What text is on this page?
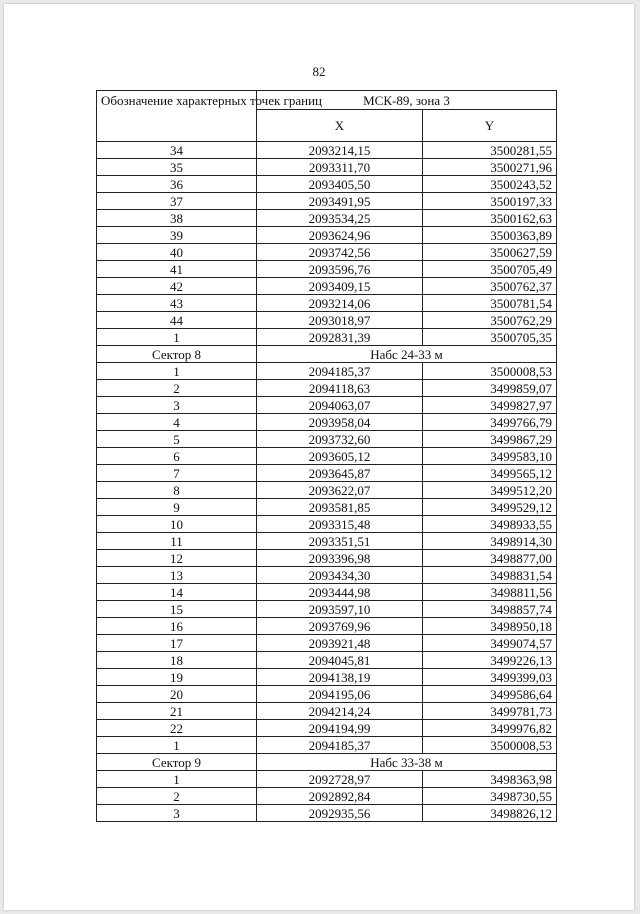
82
Обозначение характерных точек границ	МСК-89, зона 3	
	X	Y
34	2093214,15	3500281,55
35	2093311,70	3500271,96
36	2093405,50	3500243,52
37	2093491,95	3500197,33
38	2093534,25	3500162,63
39	2093624,96	3500363,89
40	2093742,56	3500627,59
41	2093596,76	3500705,49
42	2093409,15	3500762,37
43	2093214,06	3500781,54
44	2093018,97	3500762,29
1	2092831,39	3500705,35
Сектор 8	Набс 24-33 м	
1	2094185,37	3500008,53
2	2094118,63	3499859,07
3	2094063,07	3499827,97
4	2093958,04	3499766,79
5	2093732,60	3499867,29
6	2093605,12	3499583,10
7	2093645,87	3499565,12
8	2093622,07	3499512,20
9	2093581,85	3499529,12
10	2093315,48	3498933,55
11	2093351,51	3498914,30
12	2093396,98	3498877,00
13	2093434,30	3498831,54
14	2093444,98	3498811,56
15	2093597,10	3498857,74
16	2093769,96	3498950,18
17	2093921,48	3499074,57
18	2094045,81	3499226,13
19	2094138,19	3499399,03
20	2094195,06	3499586,64
21	2094214,24	3499781,73
22	2094194,99	3499976,82
1	2094185,37	3500008,53
Сектор 9	Набс 33-38 м	
1	2092728,97	3498363,98
2	2092892,84	3498730,55
3	2092935,56	3498826,12
